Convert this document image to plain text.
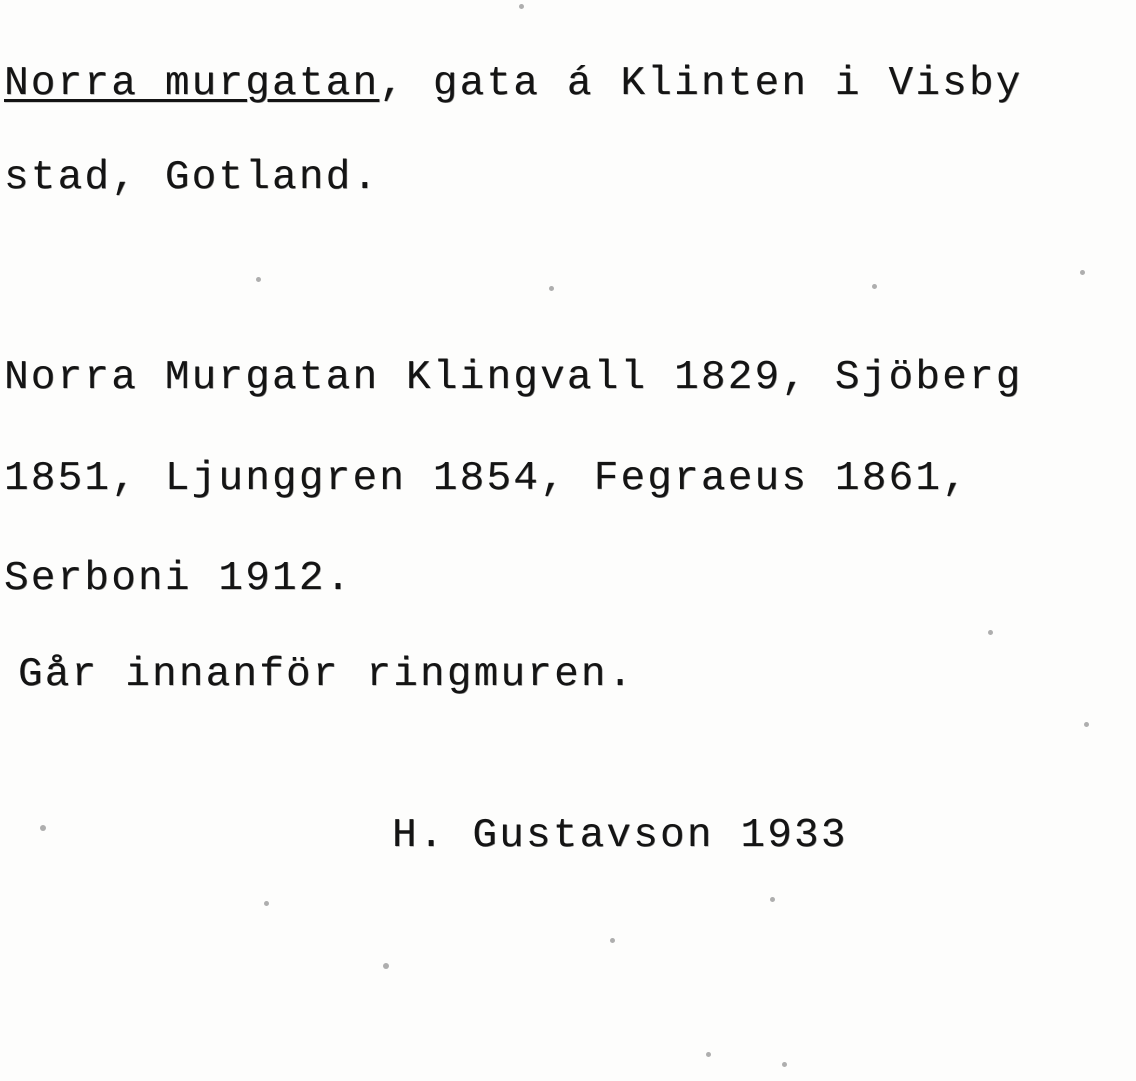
Norra murgatan, gata á Klinten i Visby
stad, Gotland.
Norra Murgatan Klingvall 1829, Sjöberg
1851, Ljunggren 1854, Fegraeus 1861,
Serboni 1912.
Går innanför ringmuren.
H. Gustavson 1933
